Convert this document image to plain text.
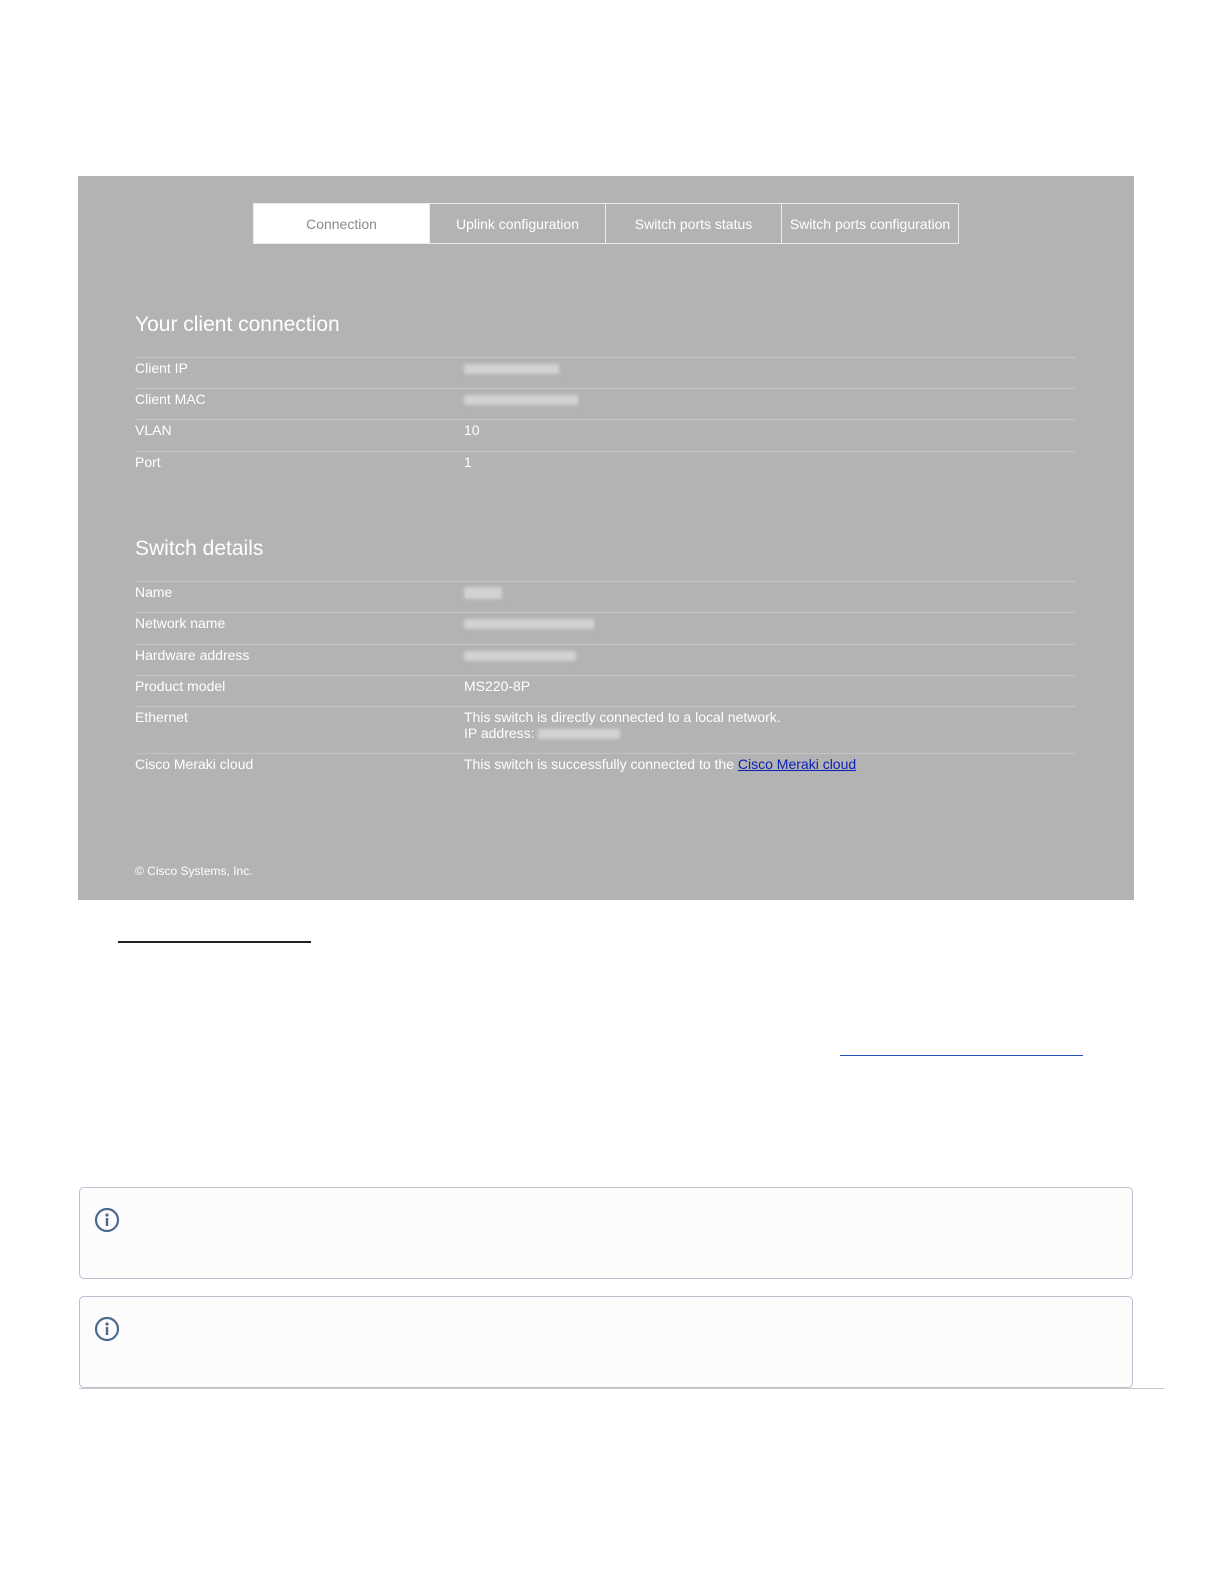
Connection	Uplink configuration	Switch ports status	Switch ports configuration
Your client connection
Client IP
Client MAC
VLAN	10
Port	1
Switch details
Name
Network name
Hardware address
Product model	MS220-8P
Ethernet	This switch is directly connected to a local network.
IP address:
Cisco Meraki cloud	This switch is successfully connected to the Cisco Meraki cloud
© Cisco Systems, Inc.
